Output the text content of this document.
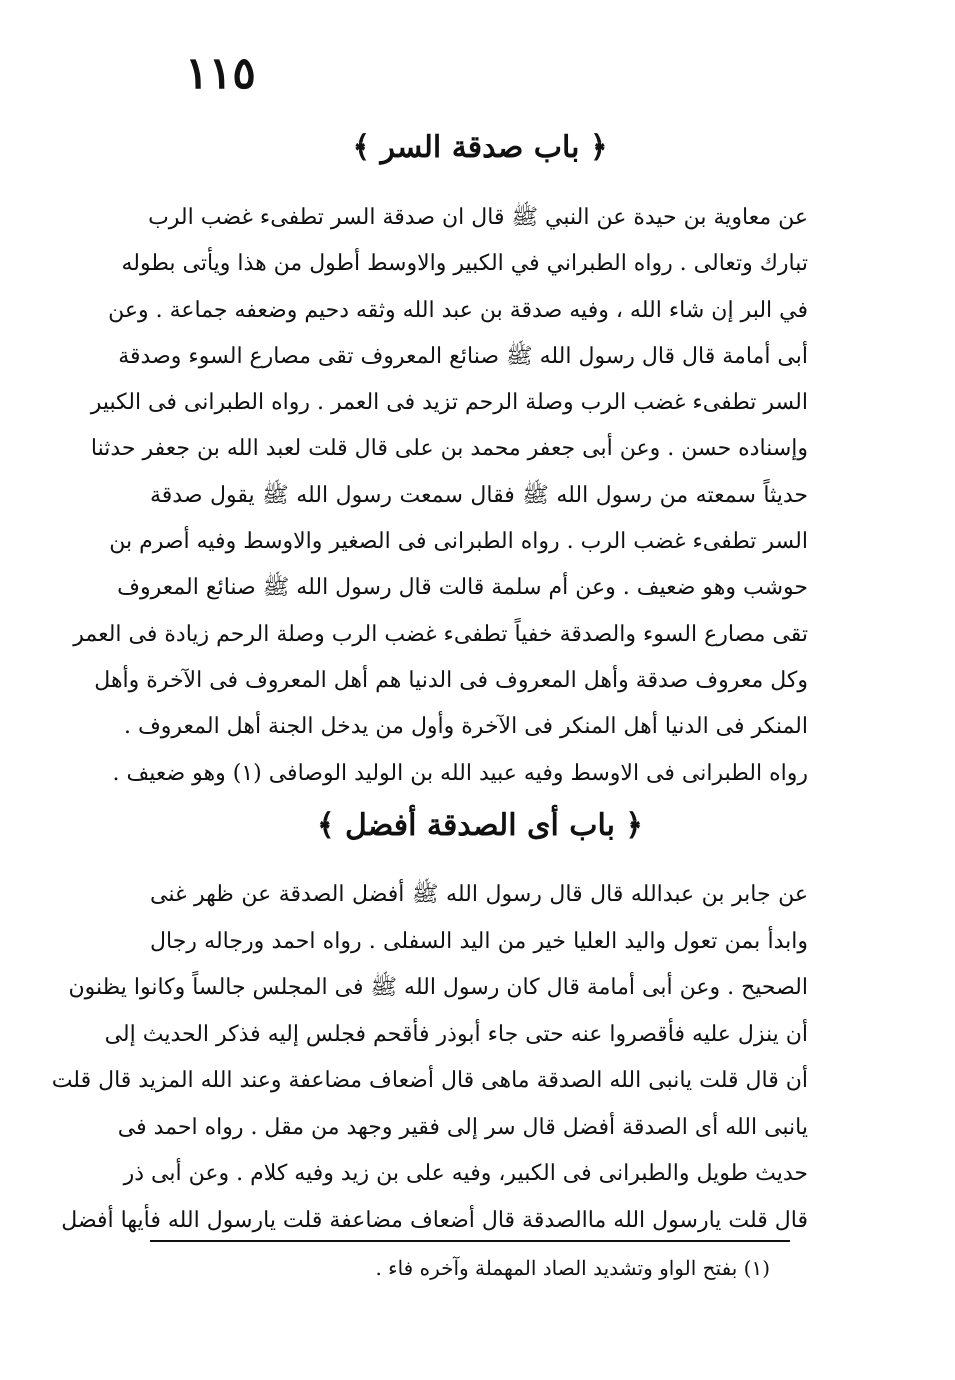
١١٥
﴿ باب صدقة السر ﴾
عن معاوية بن حيدة عن النبي ﷺ قال ان صدقة السر تطفىء غضب الرب
تبارك وتعالى . رواه الطبراني في الكبير والاوسط أطول من هذا ويأتى بطوله
في البر إن شاء الله ، وفيه صدقة بن عبد الله وثقه دحيم وضعفه جماعة . وعن
أبى أمامة قال قال رسول الله ﷺ صنائع المعروف تقى مصارع السوء وصدقة
السر تطفىء غضب الرب وصلة الرحم تزيد فى العمر . رواه الطبرانى فى الكبير
وإسناده حسن . وعن أبى جعفر محمد بن على قال قلت لعبد الله بن جعفر حدثنا
حديثاً سمعته من رسول الله ﷺ فقال سمعت رسول الله ﷺ يقول صدقة
السر تطفىء غضب الرب . رواه الطبرانى فى الصغير والاوسط وفيه أصرم بن
حوشب وهو ضعيف . وعن أم سلمة قالت قال رسول الله ﷺ صنائع المعروف
تقى مصارع السوء والصدقة خفياً تطفىء غضب الرب وصلة الرحم زيادة فى العمر
وكل معروف صدقة وأهل المعروف فى الدنيا هم أهل المعروف فى الآخرة وأهل
المنكر فى الدنيا أهل المنكر فى الآخرة وأول من يدخل الجنة أهل المعروف .
رواه الطبرانى فى الاوسط وفيه عبيد الله بن الوليد الوصافى (١) وهو ضعيف .
﴿ باب أى الصدقة أفضل ﴾
عن جابر بن عبدالله قال قال رسول الله ﷺ أفضل الصدقة عن ظهر غنى
وابدأ بمن تعول واليد العليا خير من اليد السفلى . رواه احمد ورجاله رجال
الصحيح . وعن أبى أمامة قال كان رسول الله ﷺ فى المجلس جالساً وكانوا يظنون
أن ينزل عليه فأقصروا عنه حتى جاء أبوذر فأقحم فجلس إليه فذكر الحديث إلى
أن قال قلت يانبى الله الصدقة ماهى قال أضعاف مضاعفة وعند الله المزيد قال قلت
يانبى الله أى الصدقة أفضل قال سر إلى فقير وجهد من مقل . رواه احمد فى
حديث طويل والطبرانى فى الكبير، وفيه على بن زيد وفيه كلام . وعن أبى ذر
قال قلت يارسول الله ماالصدقة قال أضعاف مضاعفة قلت يارسول الله فأيها أفضل
(١) بفتح الواو وتشديد الصاد المهملة وآخره فاء .
